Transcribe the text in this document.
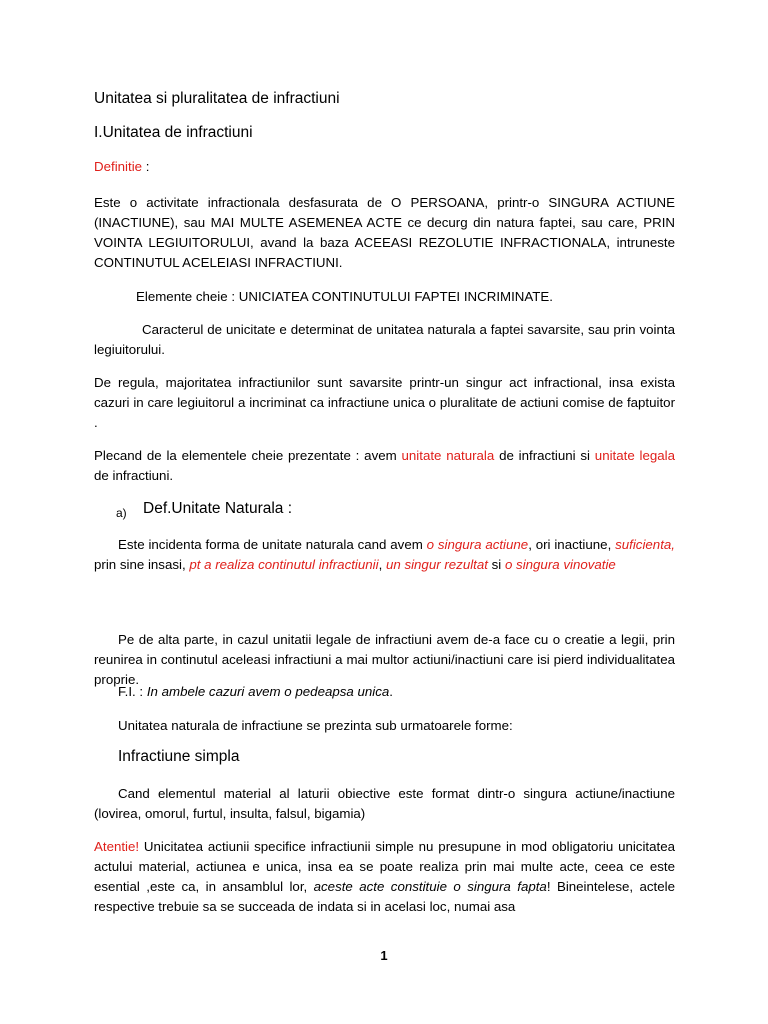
Unitatea si pluralitatea de infractiuni

I.Unitatea de infractiuni

Definitie :

Este o activitate infractionala desfasurata de O PERSOANA, printr-o SINGURA ACTIUNE (INACTIUNE), sau MAI MULTE ASEMENEA ACTE ce decurg din natura faptei, sau care, PRIN VOINTA LEGIUITORULUI, avand la baza ACEEASI REZOLUTIE INFRACTIONALA, intruneste CONTINUTUL ACELEIASI INFRACTIUNI.

Elemente cheie : UNICIATEA CONTINUTULUI FAPTEI INCRIMINATE.

Caracterul de unicitate e determinat de unitatea naturala a faptei savarsite, sau prin vointa legiuitorului.

De regula, majoritatea infractiunilor sunt savarsite printr-un singur act infractional, insa exista cazuri in care legiuitorul a incriminat ca infractiune unica o pluralitate de actiuni comise de faptuitor .

Plecand de la elementele cheie prezentate : avem unitate naturala de infractiuni si unitate legala de infractiuni.

a)	Def.Unitate Naturala :

Este incidenta forma de unitate naturala cand avem o singura actiune, ori inactiune, suficienta, prin sine insasi, pt a realiza continutul infractiunii, un singur rezultat si o singura vinovatie

Pe de alta parte, in cazul unitatii legale de infractiuni avem de-a face cu o creatie a legii, prin reunirea in continutul aceleasi infractiuni a mai multor actiuni/inactiuni care isi pierd individualitatea proprie.

F.I. : In ambele cazuri avem o pedeapsa unica.

Unitatea naturala de infractiune se prezinta sub urmatoarele forme:

Infractiune simpla

Cand elementul material al laturii obiective este format dintr-o singura actiune/inactiune (lovirea, omorul, furtul, insulta, falsul, bigamia)

Atentie! Unicitatea actiunii specifice infractiunii simple nu presupune in mod obligatoriu unicitatea actului material, actiunea e unica, insa ea se poate realiza prin mai multe acte, ceea ce este esential ,este ca, in ansamblul lor, aceste acte constituie o singura fapta! Bineintelese, actele respective trebuie sa se succeada de indata si in acelasi loc, numai asa

1
